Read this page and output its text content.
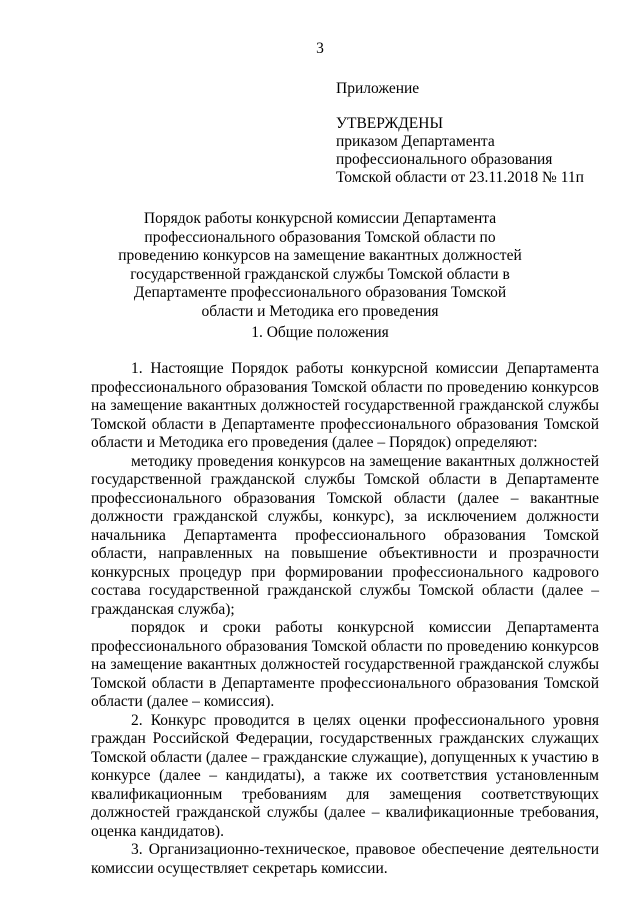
3
Приложение
УТВЕРЖДЕНЫ
приказом Департамента
профессионального образования
Томской области от 23.11.2018 № 11п
Порядок работы конкурсной комиссии Департамента
профессионального образования Томской области по
проведению конкурсов на замещение вакантных должностей
государственной гражданской службы Томской области в
Департаменте профессионального образования Томской
области и Методика его проведения
1. Общие положения

1. Настоящие Порядок работы конкурсной комиссии Департамента профессионального образования Томской области по проведению конкурсов на замещение вакантных должностей государственной гражданской службы Томской области в Департаменте профессионального образования Томской области и Методика его проведения (далее – Порядок) определяют:

методику проведения конкурсов на замещение вакантных должностей государственной гражданской службы Томской области в Департаменте профессионального образования Томской области (далее – вакантные должности гражданской службы, конкурс), за исключением должности начальника Департамента профессионального образования Томской области, направленных на повышение объективности и прозрачности конкурсных процедур при формировании профессионального кадрового состава государственной гражданской службы Томской области (далее – гражданская служба);

порядок и сроки работы конкурсной комиссии Департамента профессионального образования Томской области по проведению конкурсов на замещение вакантных должностей государственной гражданской службы Томской области в Департаменте профессионального образования Томской области (далее – комиссия).

2. Конкурс проводится в целях оценки профессионального уровня граждан Российской Федерации, государственных гражданских служащих Томской области (далее – гражданские служащие), допущенных к участию в конкурсе (далее – кандидаты), а также их соответствия установленным квалификационным требованиям для замещения соответствующих должностей гражданской службы (далее – квалификационные требования, оценка кандидатов).

3. Организационно-техническое, правовое обеспечение деятельности комиссии осуществляет секретарь комиссии.
